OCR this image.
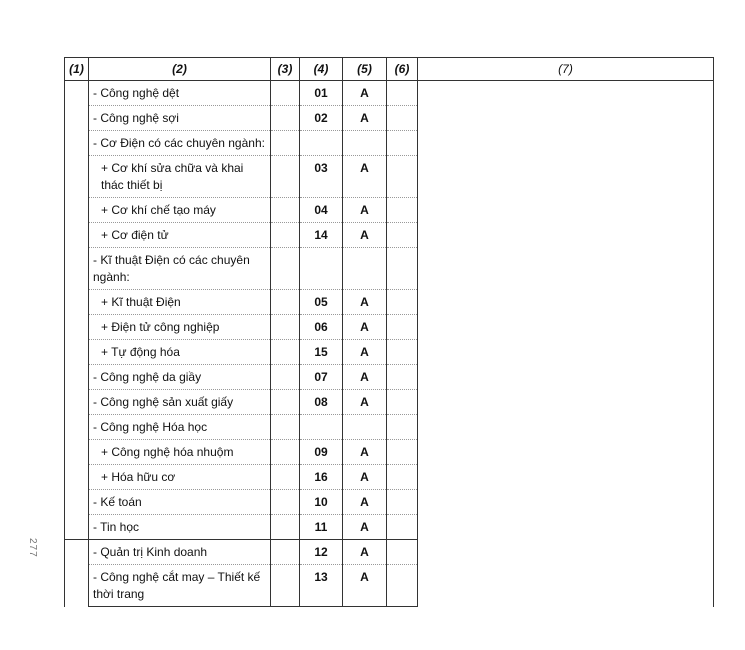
(1)	(2)	(3)	(4)	(5)	(6)	(7)
	- Công nghệ dệt		01	A		
	- Công nghệ sợi		02	A		
	- Cơ Điện có các chuyên ngành:					
	+ Cơ khí sửa chữa và khai thác thiết bị		03	A		
	+ Cơ khí chế tạo máy		04	A		
	+ Cơ điện tử		14	A		
	- Kĩ thuật Điện có các chuyên ngành:					
	+ Kĩ thuật Điện		05	A		
	+ Điện tử công nghiệp		06	A		
	+ Tự động hóa		15	A		
	- Công nghệ da giầy		07	A		
	- Công nghệ sản xuất giấy		08	A		
	- Công nghệ Hóa học					
	+ Công nghệ hóa nhuộm		09	A		
	+ Hóa hữu cơ		16	A		
	- Kế toán		10	A		
	- Tin học		11	A		
	- Quản trị Kinh doanh		12	A		
	- Công nghệ cắt may – Thiết kế thời trang		13	A		
277
